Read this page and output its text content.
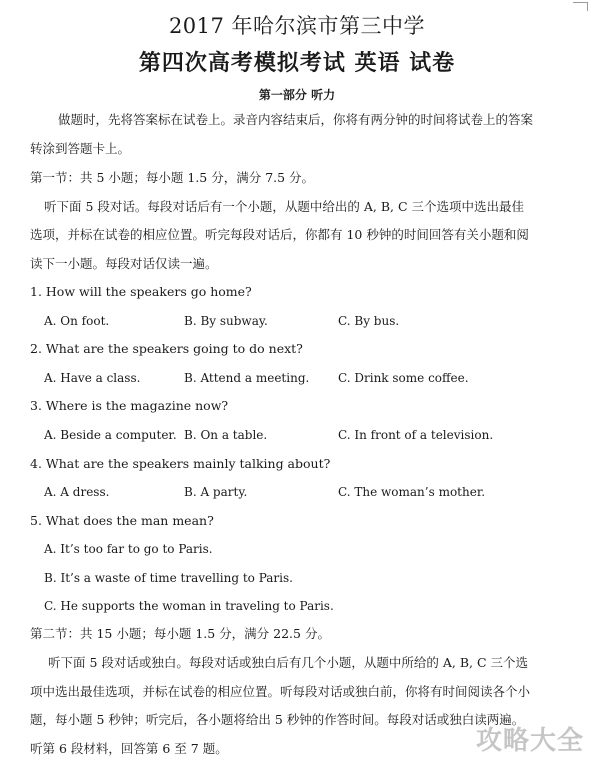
2017 年哈尔滨市第三中学
第四次高考模拟考试 英语 试卷
第一部分 听力
做题时，先将答案标在试卷上。录音内容结束后，你将有两分钟的时间将试卷上的答案
转涂到答题卡上。
第一节：共 5 小题；每小题 1.5 分，满分 7.5 分。
听下面 5 段对话。每段对话后有一个小题，从题中给出的 A, B, C 三个选项中选出最佳
选项，并标在试卷的相应位置。听完每段对话后，你都有 10 秒钟的时间回答有关小题和阅
读下一小题。每段对话仅读一遍。
1. How will the speakers go home?
A. On foot.	B. By subway.	C. By bus.
2. What are the speakers going to do next?
A. Have a class.	B. Attend a meeting. C. Drink some coffee.
3. Where is the magazine now?
A. Beside a computer. B. On a table.	C. In front of a television.
4. What are the speakers mainly talking about?
A. A dress.	B. A party.	C. The woman’s mother.
5. What does the man mean?
A. It’s too far to go to Paris.
B. It’s a waste of time travelling to Paris.
C. He supports the woman in traveling to Paris.
第二节：共 15 小题；每小题 1.5 分，满分 22.5 分。
听下面 5 段对话或独白。每段对话或独白后有几个小题，从题中所给的 A, B, C 三个选
项中选出最佳选项，并标在试卷的相应位置。听每段对话或独白前，你将有时间阅读各个小
题，每小题 5 秒钟；听完后，各小题将给出 5 秒钟的作答时间。每段对话或独白读两遍。
听第 6 段材料，回答第 6 至 7 题。	攻略大全
